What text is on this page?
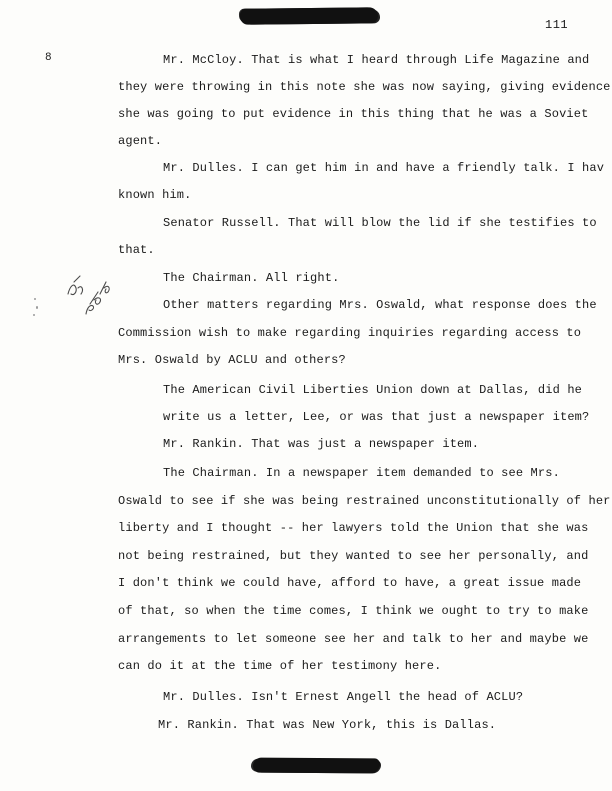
111
8	Mr. McCloy. That is what I heard through Life Magazine and

they were throwing in this note she was now saying, giving evidence

she was going to put evidence in this thing that he was a Soviet

agent.

Mr. Dulles. I can get him in and have a friendly talk. I hav

known him.

Senator Russell. That will blow the lid if she testifies to

that.

The Chairman. All right.

Other matters regarding Mrs. Oswald, what response does the

Commission wish to make regarding inquiries regarding access to

Mrs. Oswald by ACLU and others?

The American Civil Liberties Union down at Dallas, did he

write us a letter, Lee, or was that just a newspaper item?

Mr. Rankin. That was just a newspaper item.

The Chairman. In a newspaper item demanded to see Mrs.

Oswald to see if she was being restrained unconstitutionally of her

liberty and I thought -- her lawyers told the Union that she was

not being restrained, but they wanted to see her personally, and

I don't think we could have, afford to have, a great issue made

of that, so when the time comes, I think we ought to try to make

arrangements to let someone see her and talk to her and maybe we

can do it at the time of her testimony here.

Mr. Dulles. Isn't Ernest Angell the head of ACLU?

Mr. Rankin. That was New York, this is Dallas.
